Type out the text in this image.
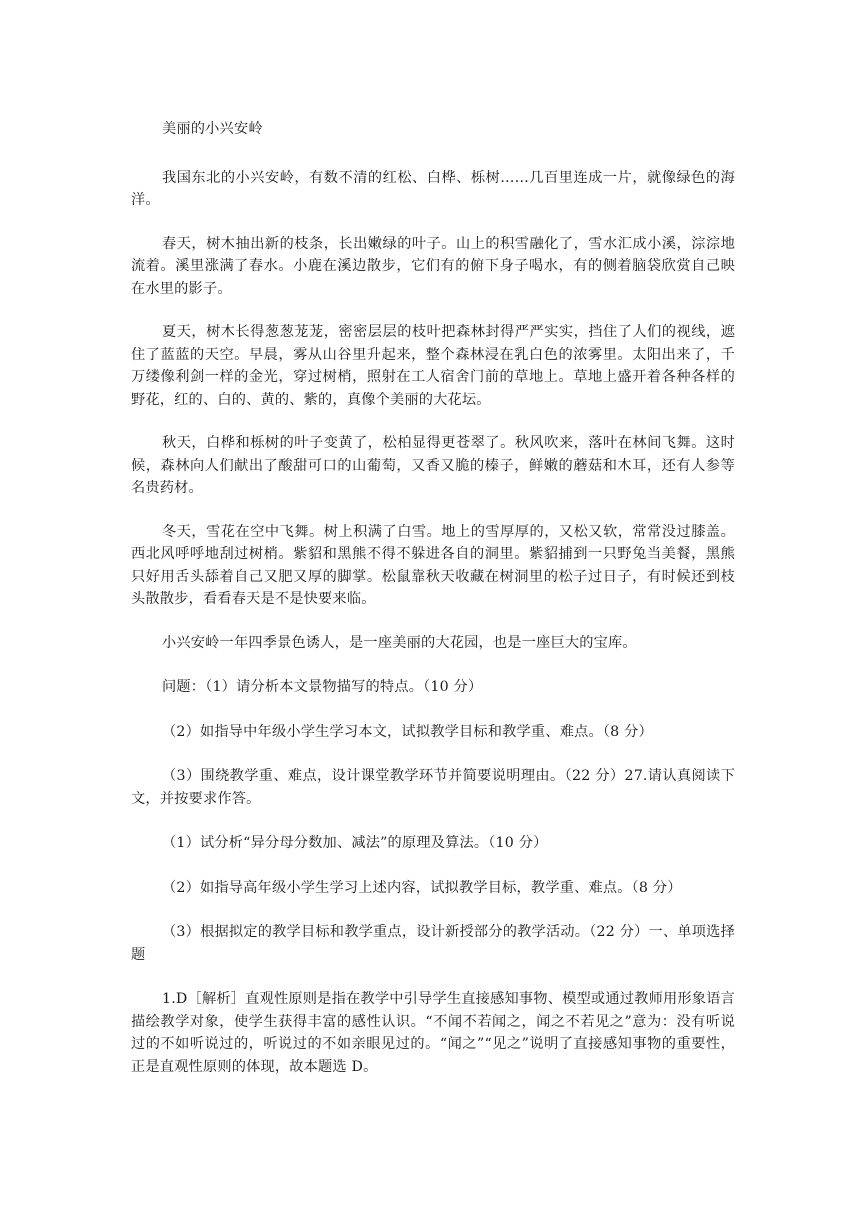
美丽的小兴安岭

我国东北的小兴安岭，有数不清的红松、白桦、栎树……几百里连成一片，就像绿色的海洋。

春天，树木抽出新的枝条，长出嫩绿的叶子。山上的积雪融化了，雪水汇成小溪，淙淙地流着。溪里涨满了春水。小鹿在溪边散步，它们有的俯下身子喝水，有的侧着脑袋欣赏自己映在水里的影子。

夏天，树木长得葱葱茏茏，密密层层的枝叶把森林封得严严实实，挡住了人们的视线，遮住了蓝蓝的天空。早晨，雾从山谷里升起来，整个森林浸在乳白色的浓雾里。太阳出来了，千万缕像利剑一样的金光，穿过树梢，照射在工人宿舍门前的草地上。草地上盛开着各种各样的野花，红的、白的、黄的、紫的，真像个美丽的大花坛。

秋天，白桦和栎树的叶子变黄了，松柏显得更苍翠了。秋风吹来，落叶在林间飞舞。这时候，森林向人们献出了酸甜可口的山葡萄，又香又脆的榛子，鲜嫩的蘑菇和木耳，还有人参等名贵药材。

冬天，雪花在空中飞舞。树上积满了白雪。地上的雪厚厚的，又松又软，常常没过膝盖。西北风呼呼地刮过树梢。紫貂和黑熊不得不躲进各自的洞里。紫貂捕到一只野兔当美餐，黑熊只好用舌头舔着自己又肥又厚的脚掌。松鼠靠秋天收藏在树洞里的松子过日子，有时候还到枝头散散步，看看春天是不是快要来临。

小兴安岭一年四季景色诱人，是一座美丽的大花园，也是一座巨大的宝库。

问题：（1）请分析本文景物描写的特点。（10 分）

（2）如指导中年级小学生学习本文，试拟教学目标和教学重、难点。（8 分）

（3）围绕教学重、难点，设计课堂教学环节并简要说明理由。（22 分）27.请认真阅读下文，并按要求作答。

（1）试分析“异分母分数加、减法”的原理及算法。（10 分）

（2）如指导高年级小学生学习上述内容，试拟教学目标，教学重、难点。（8 分）

（3）根据拟定的教学目标和教学重点，设计新授部分的教学活动。（22 分）一、单项选择题

1.D［解析］直观性原则是指在教学中引导学生直接感知事物、模型或通过教师用形象语言描绘教学对象，使学生获得丰富的感性认识。“不闻不若闻之，闻之不若见之”意为：没有听说过的不如听说过的，听说过的不如亲眼见过的。“闻之”“见之”说明了直接感知事物的重要性，正是直观性原则的体现，故本题选 D。
